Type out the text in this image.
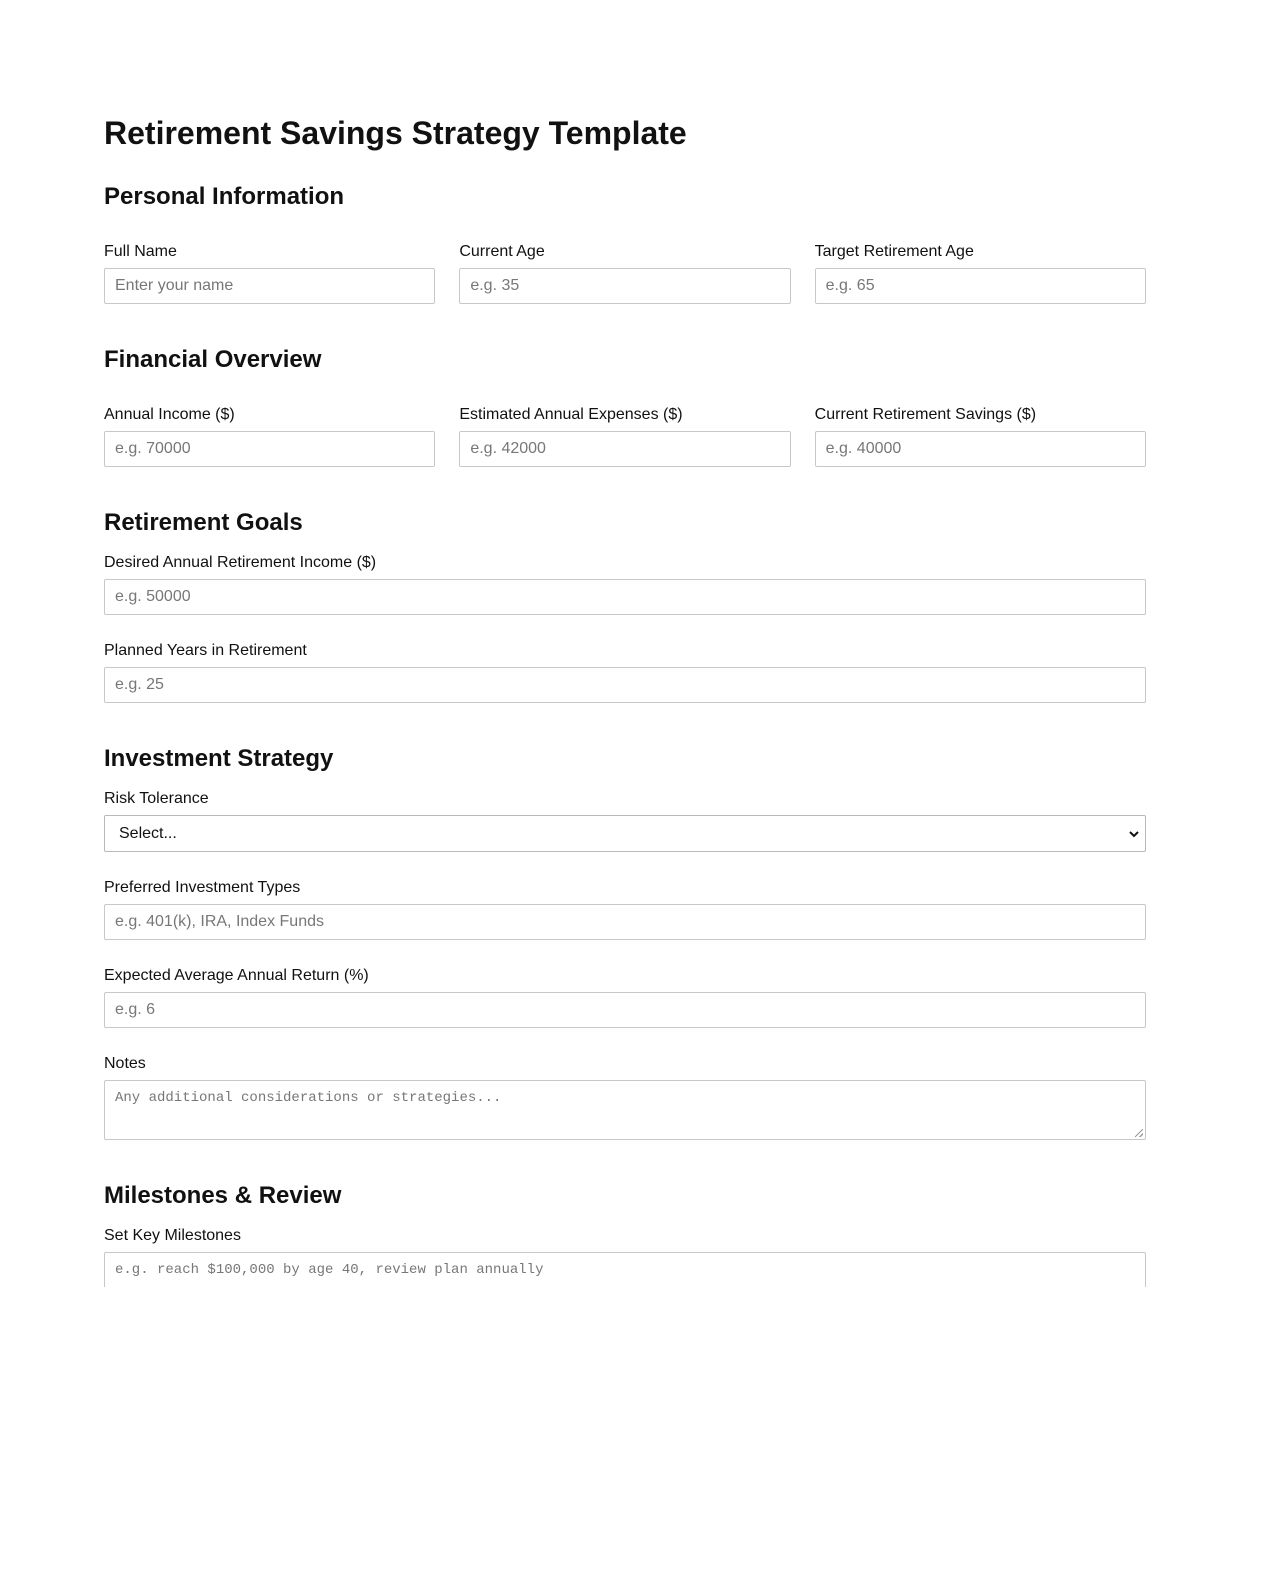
Retirement Savings Strategy Template
Personal Information
Full Name
Enter your name
Current Age
e.g. 35
Target Retirement Age
e.g. 65
Financial Overview
Annual Income ($)
e.g. 70000
Estimated Annual Expenses ($)
e.g. 42000
Current Retirement Savings ($)
e.g. 40000
Retirement Goals
Desired Annual Retirement Income ($)
e.g. 50000
Planned Years in Retirement
e.g. 25
Investment Strategy
Risk Tolerance
Select...
Preferred Investment Types
e.g. 401(k), IRA, Index Funds
Expected Average Annual Return (%)
e.g. 6
Notes
Any additional considerations or strategies...
Milestones & Review
Set Key Milestones
e.g. reach $100,000 by age 40, review plan annually
